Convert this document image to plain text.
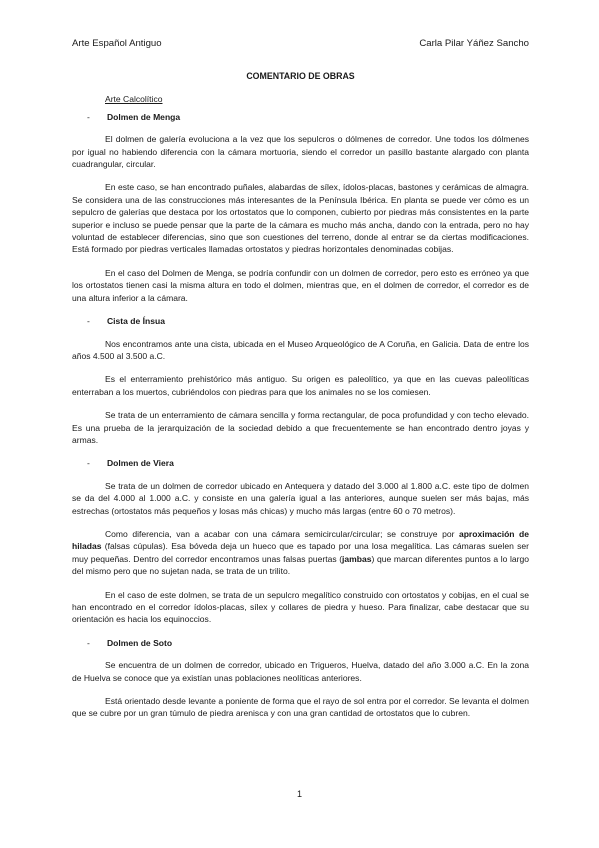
Arte Español Antiguo	Carla Pilar Yáñez Sancho
COMENTARIO DE OBRAS
Arte Calcolítico
- Dolmen de Menga

El dolmen de galería evoluciona a la vez que los sepulcros o dólmenes de corredor. Une todos los dólmenes por igual no habiendo diferencia con la cámara mortuoria, siendo el corredor un pasillo bastante alargado con planta cuadrangular, circular.

En este caso, se han encontrado puñales, alabardas de sílex, ídolos-placas, bastones y cerámicas de almagra. Se considera una de las construcciones más interesantes de la Península Ibérica. En planta se puede ver cómo es un sepulcro de galerías que destaca por los ortostatos que lo componen, cubierto por piedras más consistentes en la parte superior e incluso se puede pensar que la parte de la cámara es mucho más ancha, dando con la entrada, pero no hay voluntad de establecer diferencias, sino que son cuestiones del terreno, donde al entrar se da ciertas modificaciones. Está formado por piedras verticales llamadas ortostatos y piedras horizontales denominadas cobijas.

En el caso del Dolmen de Menga, se podría confundir con un dolmen de corredor, pero esto es erróneo ya que los ortostatos tienen casi la misma altura en todo el dolmen, mientras que, en el dolmen de corredor, el corredor es de una altura inferior a la cámara.

- Cista de Ínsua

Nos encontramos ante una cista, ubicada en el Museo Arqueológico de A Coruña, en Galicia. Data de entre los años 4.500 al 3.500 a.C.

Es el enterramiento prehistórico más antiguo. Su origen es paleolítico, ya que en las cuevas paleolíticas enterraban a los muertos, cubriéndolos con piedras para que los animales no se los comiesen.

Se trata de un enterramiento de cámara sencilla y forma rectangular, de poca profundidad y con techo elevado. Es una prueba de la jerarquización de la sociedad debido a que frecuentemente se han encontrado dentro joyas y armas.

- Dolmen de Viera

Se trata de un dolmen de corredor ubicado en Antequera y datado del 3.000 al 1.800 a.C. este tipo de dolmen se da del 4.000 al 1.000 a.C. y consiste en una galería igual a las anteriores, aunque suelen ser más bajas, más estrechas (ortostatos más pequeños y losas más chicas) y mucho más largas (entre 60 o 70 metros).

Como diferencia, van a acabar con una cámara semicircular/circular; se construye por aproximación de hiladas (falsas cúpulas). Esa bóveda deja un hueco que es tapado por una losa megalítica. Las cámaras suelen ser muy pequeñas. Dentro del corredor encontramos unas falsas puertas (jambas) que marcan diferentes puntos a lo largo del mismo pero que no sujetan nada, se trata de un trilito.

En el caso de este dolmen, se trata de un sepulcro megalítico construido con ortostatos y cobijas, en el cual se han encontrado en el corredor ídolos-placas, sílex y collares de piedra y hueso. Para finalizar, cabe destacar que su orientación es hacia los equinoccios.

- Dolmen de Soto

Se encuentra de un dolmen de corredor, ubicado en Trigueros, Huelva, datado del año 3.000 a.C. En la zona de Huelva se conoce que ya existían unas poblaciones neolíticas anteriores.

Está orientado desde levante a poniente de forma que el rayo de sol entra por el corredor. Se levanta el dolmen que se cubre por un gran túmulo de piedra arenisca y con una gran cantidad de ortostatos que lo cubren.

1
